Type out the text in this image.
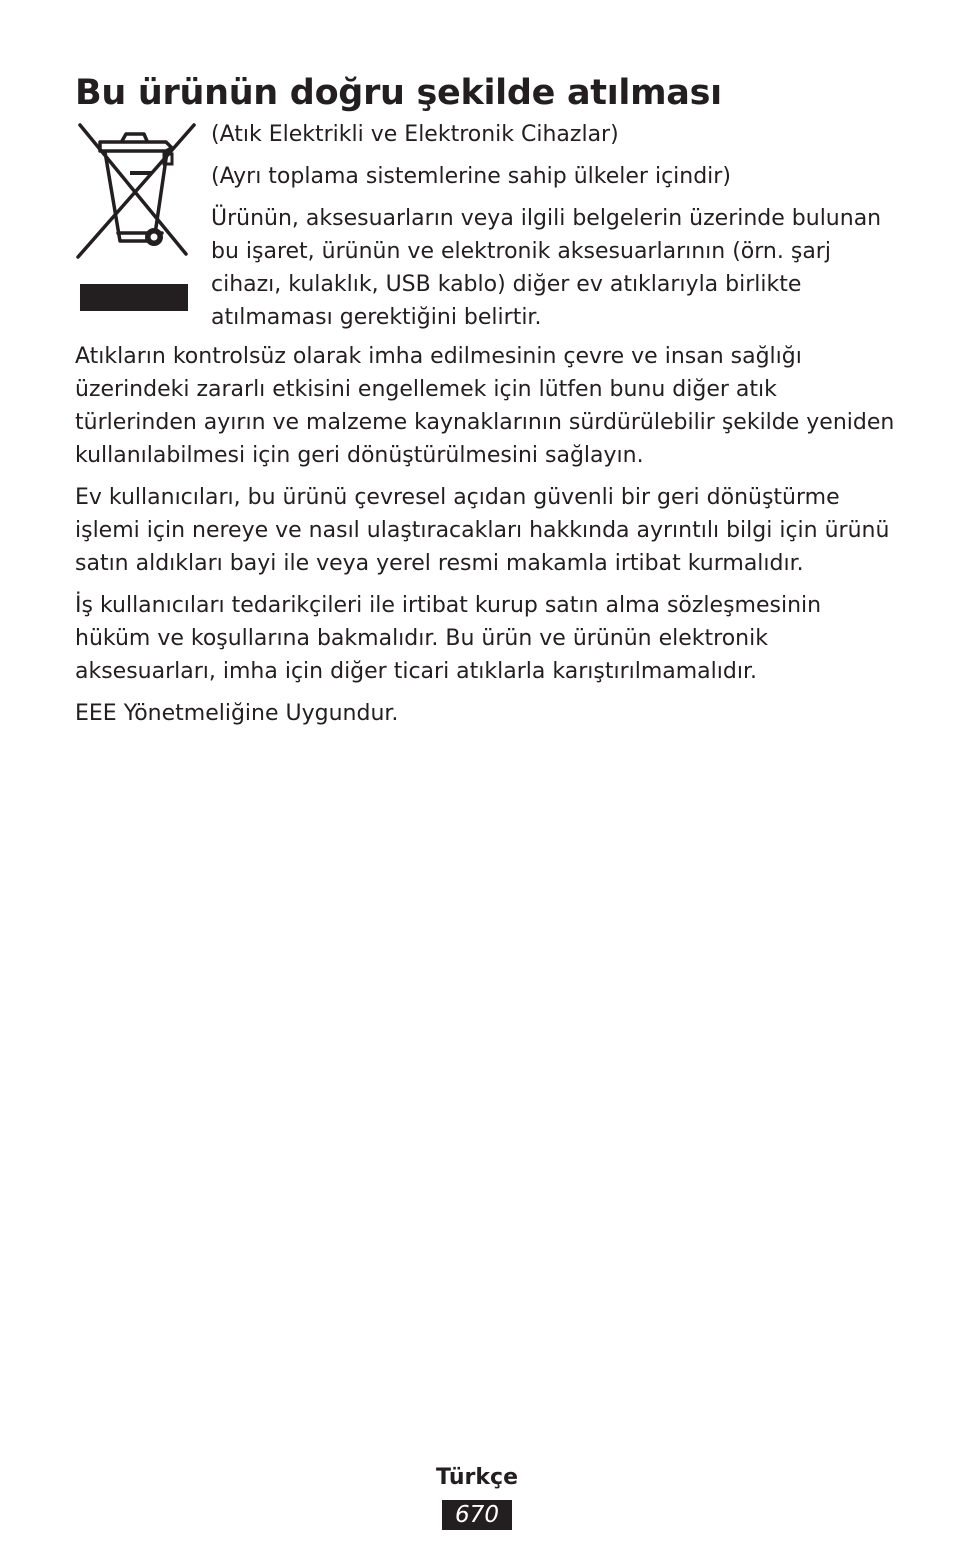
Bu ürünün doğru şekilde atılması

(Atık Elektrikli ve Elektronik Cihazlar)

(Ayrı toplama sistemlerine sahip ülkeler içindir)

Ürünün, aksesuarların veya ilgili belgelerin üzerinde bulunan bu işaret, ürünün ve elektronik aksesuarlarının (örn. şarj cihazı, kulaklık, USB kablo) diğer ev atıklarıyla birlikte atılmaması gerektiğini belirtir.

Atıkların kontrolsüz olarak imha edilmesinin çevre ve insan sağlığı üzerindeki zararlı etkisini engellemek için lütfen bunu diğer atık türlerinden ayırın ve malzeme kaynaklarının sürdürülebilir şekilde yeniden kullanılabilmesi için geri dönüştürülmesini sağlayın.

Ev kullanıcıları, bu ürünü çevresel açıdan güvenli bir geri dönüştürme işlemi için nereye ve nasıl ulaştıracakları hakkında ayrıntılı bilgi için ürünü satın aldıkları bayi ile veya yerel resmi makamla irtibat kurmalıdır.

İş kullanıcıları tedarikçileri ile irtibat kurup satın alma sözleşmesinin hüküm ve koşullarına bakmalıdır. Bu ürün ve ürünün elektronik aksesuarları, imha için diğer ticari atıklarla karıştırılmamalıdır.

EEE Yönetmeliğine Uygundur.

Türkçe
670
